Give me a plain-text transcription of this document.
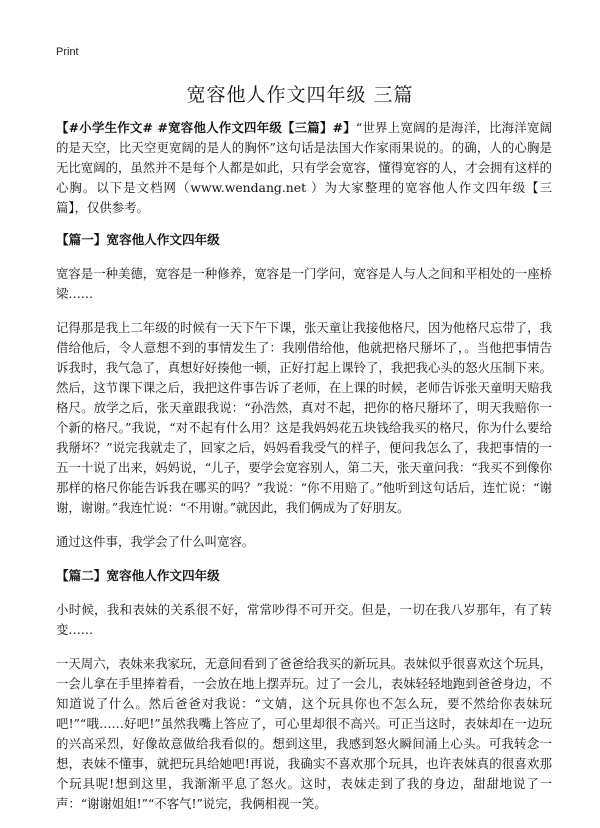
Print
宽容他人作文四年级 三篇

【#小学生作文# #宽容他人作文四年级【三篇】#】“世界上宽阔的是海洋，比海洋宽阔的是天空，比天空更宽阔的是人的胸怀”这句话是法国大作家雨果说的。的确，人的心胸是无比宽阔的，虽然并不是每个人都是如此，只有学会宽容，懂得宽容的人，才会拥有这样的心胸。以下是文档网（www.wendang.net ）为大家整理的宽容他人作文四年级【三篇】，仅供参考。

【篇一】宽容他人作文四年级

宽容是一种美德，宽容是一种修养，宽容是一门学问，宽容是人与人之间和平相处的一座桥梁……

记得那是我上二年级的时候有一天下午下课，张天童让我接他格尺，因为他格尺忘带了，我借给他后，令人意想不到的事情发生了：我刚借给他，他就把格尺掰坏了，。当他把事情告诉我时，我气急了，真想好好揍他一顿，正好打起上课铃了，我把我心头的怒火压制下来。然后，这节课下课之后，我把这件事告诉了老师，在上课的时候，老师告诉张天童明天赔我格尺。放学之后，张天童跟我说：“孙浩然，真对不起，把你的格尺掰坏了，明天我赔你一个新的格尺。”我说，“对不起有什么用？这是我妈妈花五块钱给我买的格尺，你为什么要给我掰坏？”说完我就走了，回家之后，妈妈看我受气的样子，便问我怎么了，我把事情的一五一十说了出来，妈妈说，“儿子，要学会宽容别人，第二天，张天童问我：“我买不到像你那样的格尺你能告诉我在哪买的吗？”我说：“你不用赔了。”他听到这句话后，连忙说：“谢谢，谢谢。”我连忙说：“不用谢。”就因此，我们俩成为了好朋友。

通过这件事，我学会了什么叫宽容。

【篇二】宽容他人作文四年级

小时候，我和表妹的关系很不好，常常吵得不可开交。但是，一切在我八岁那年，有了转变……

一天周六，表妹来我家玩，无意间看到了爸爸给我买的新玩具。表妹似乎很喜欢这个玩具，一会儿拿在手里捧着看，一会放在地上摆弄玩。过了一会儿，表妹轻轻地跑到爸爸身边，不知道说了什么。然后爸爸对我说：“文婧，这个玩具你也不怎么玩，要不然给你表妹玩吧!”“哦……好吧!”虽然我嘴上答应了，可心里却很不高兴。可正当这时，表妹却在一边玩的兴高采烈，好像故意做给我看似的。想到这里，我感到怒火瞬间涌上心头。可我转念一想，表妹不懂事，就把玩具给她吧!再说，我确实不喜欢那个玩具，也许表妹真的很喜欢那个玩具呢!想到这里，我渐渐平息了怒火。这时，表妹走到了我的身边，甜甜地说了一声：“谢谢姐姐!”“不客气!”说完，我俩相视一笑。
